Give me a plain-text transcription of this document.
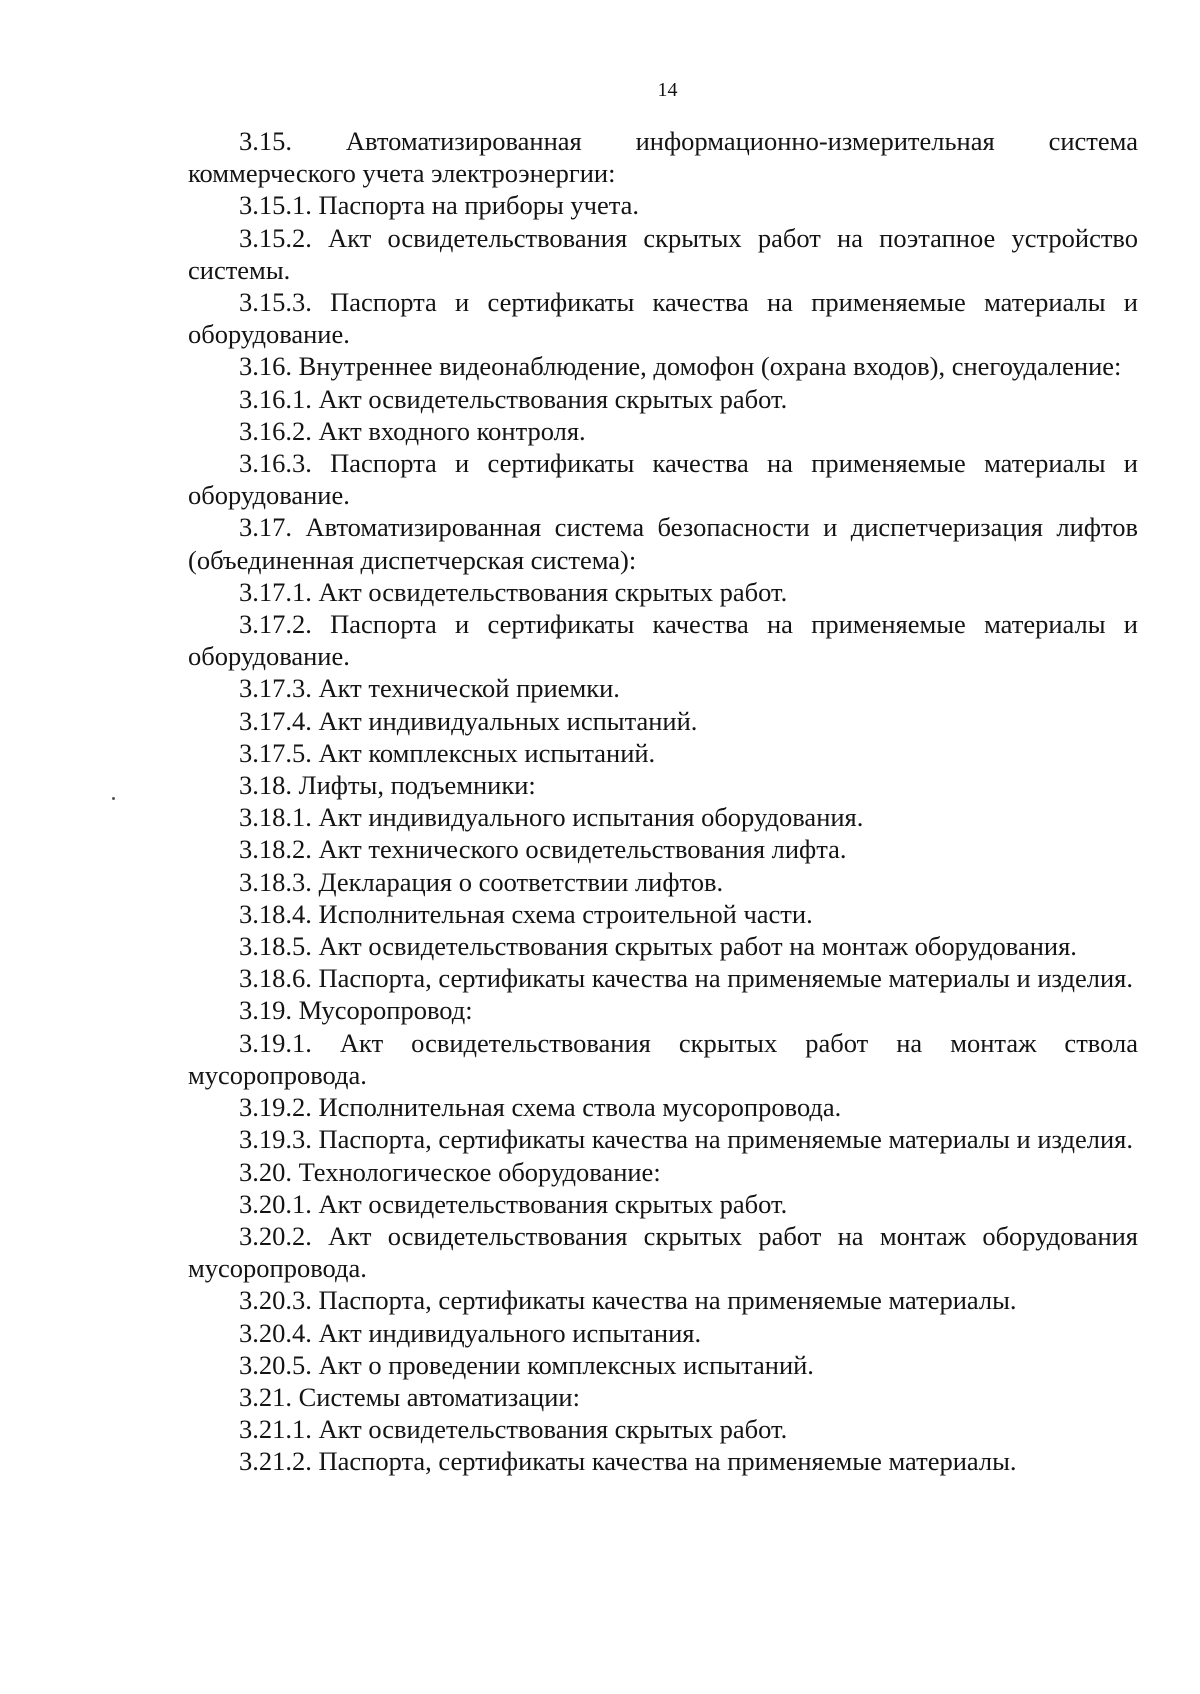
14

3.15. Автоматизированная информационно-измерительная система коммерческого учета электроэнергии:

3.15.1. Паспорта на приборы учета.

3.15.2. Акт освидетельствования скрытых работ на поэтапное устройство системы.

3.15.3. Паспорта и сертификаты качества на применяемые материалы и оборудование.

3.16. Внутреннее видеонаблюдение, домофон (охрана входов), снегоудаление:

3.16.1. Акт освидетельствования скрытых работ.

3.16.2. Акт входного контроля.

3.16.3. Паспорта и сертификаты качества на применяемые материалы и оборудование.

3.17. Автоматизированная система безопасности и диспетчеризация лифтов (объединенная диспетчерская система):

3.17.1. Акт освидетельствования скрытых работ.

3.17.2. Паспорта и сертификаты качества на применяемые материалы и оборудование.

3.17.3. Акт технической приемки.

3.17.4. Акт индивидуальных испытаний.

3.17.5. Акт комплексных испытаний.

3.18. Лифты, подъемники:

3.18.1. Акт индивидуального испытания оборудования.

3.18.2. Акт технического освидетельствования лифта.

3.18.3. Декларация о соответствии лифтов.

3.18.4. Исполнительная схема строительной части.

3.18.5. Акт освидетельствования скрытых работ на монтаж оборудования.

3.18.6. Паспорта, сертификаты качества на применяемые материалы и изделия.

3.19. Мусоропровод:

3.19.1. Акт освидетельствования скрытых работ на монтаж ствола мусоропровода.

3.19.2. Исполнительная схема ствола мусоропровода.

3.19.3. Паспорта, сертификаты качества на применяемые материалы и изделия.

3.20. Технологическое оборудование:

3.20.1. Акт освидетельствования скрытых работ.

3.20.2. Акт освидетельствования скрытых работ на монтаж оборудования мусоропровода.

3.20.3. Паспорта, сертификаты качества на применяемые материалы.

3.20.4. Акт индивидуального испытания.

3.20.5. Акт о проведении комплексных испытаний.

3.21. Системы автоматизации:

3.21.1. Акт освидетельствования скрытых работ.

3.21.2. Паспорта, сертификаты качества на применяемые материалы.
